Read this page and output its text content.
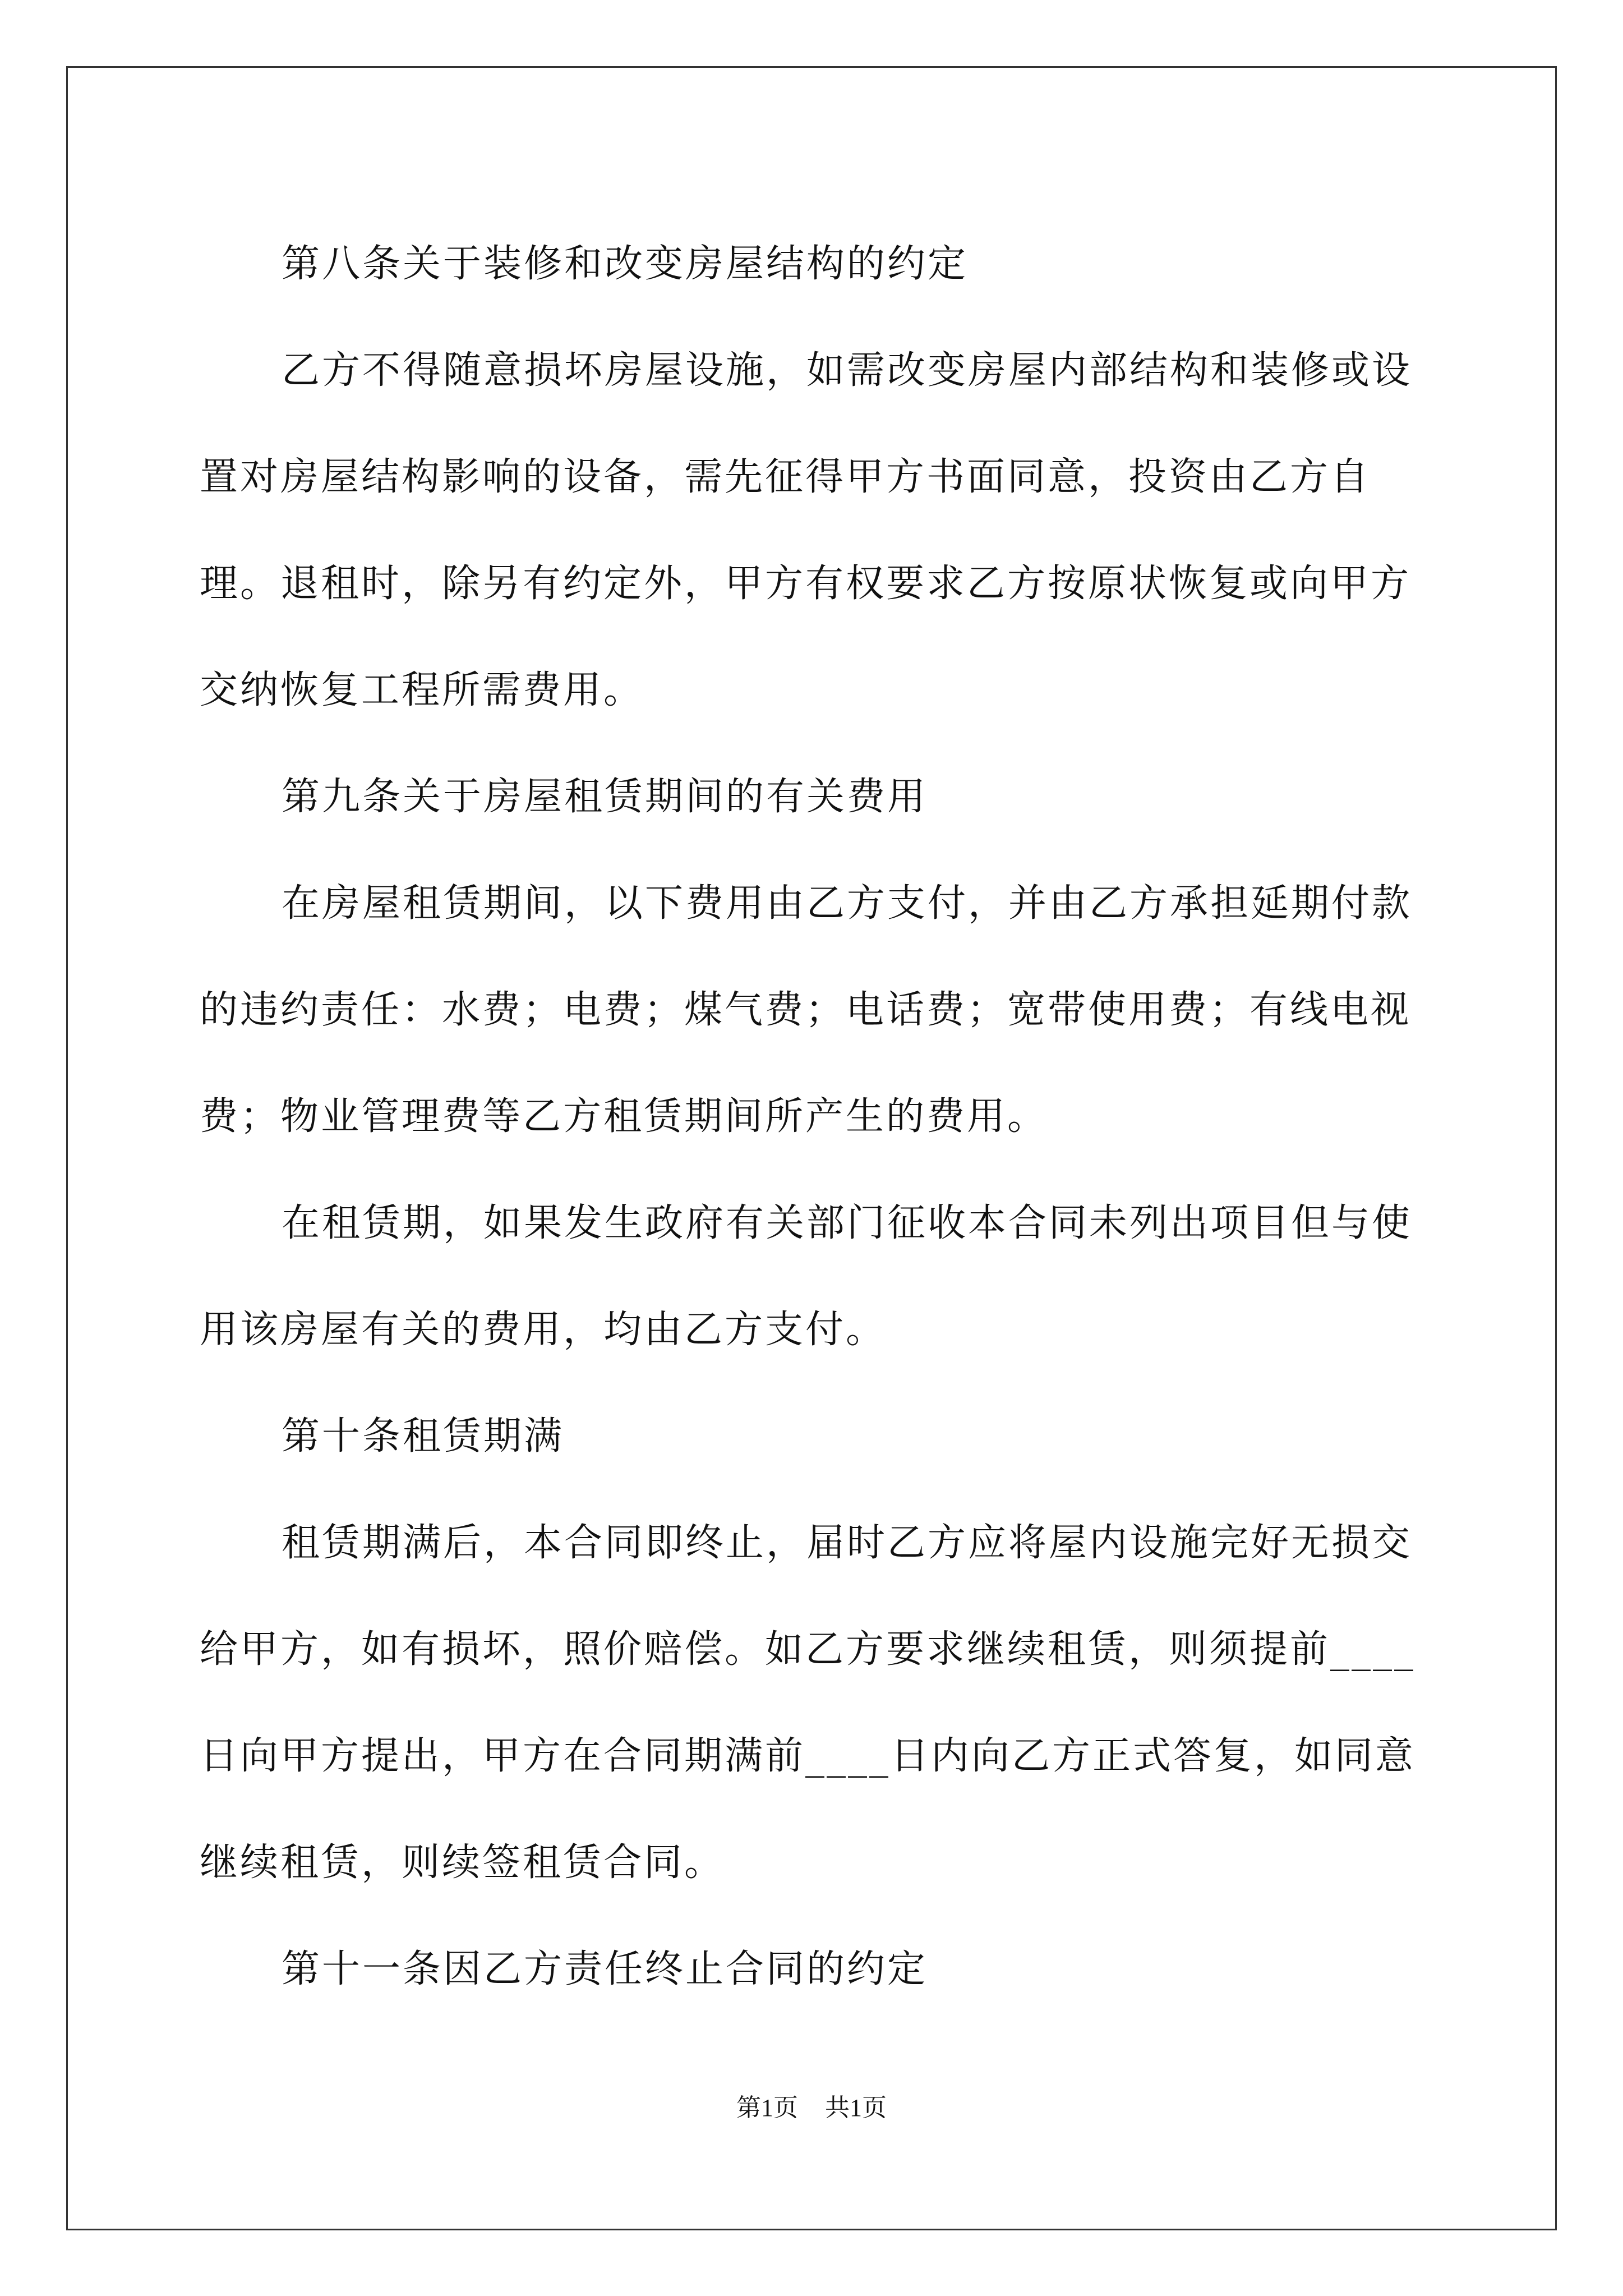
第八条关于装修和改变房屋结构的约定

乙方不得随意损坏房屋设施，如需改变房屋内部结构和装修或设置对房屋结构影响的设备，需先征得甲方书面同意，投资由乙方自理。退租时，除另有约定外，甲方有权要求乙方按原状恢复或向甲方交纳恢复工程所需费用。

第九条关于房屋租赁期间的有关费用

在房屋租赁期间，以下费用由乙方支付，并由乙方承担延期付款的违约责任：水费；电费；煤气费；电话费；宽带使用费；有线电视费；物业管理费等乙方租赁期间所产生的费用。

在租赁期，如果发生政府有关部门征收本合同未列出项目但与使用该房屋有关的费用，均由乙方支付。

第十条租赁期满

租赁期满后，本合同即终止，届时乙方应将屋内设施完好无损交给甲方，如有损坏，照价赔偿。如乙方要求继续租赁，则须提前____日向甲方提出，甲方在合同期满前____日内向乙方正式答复，如同意继续租赁，则续签租赁合同。

第十一条因乙方责任终止合同的约定

第1页 共1页
